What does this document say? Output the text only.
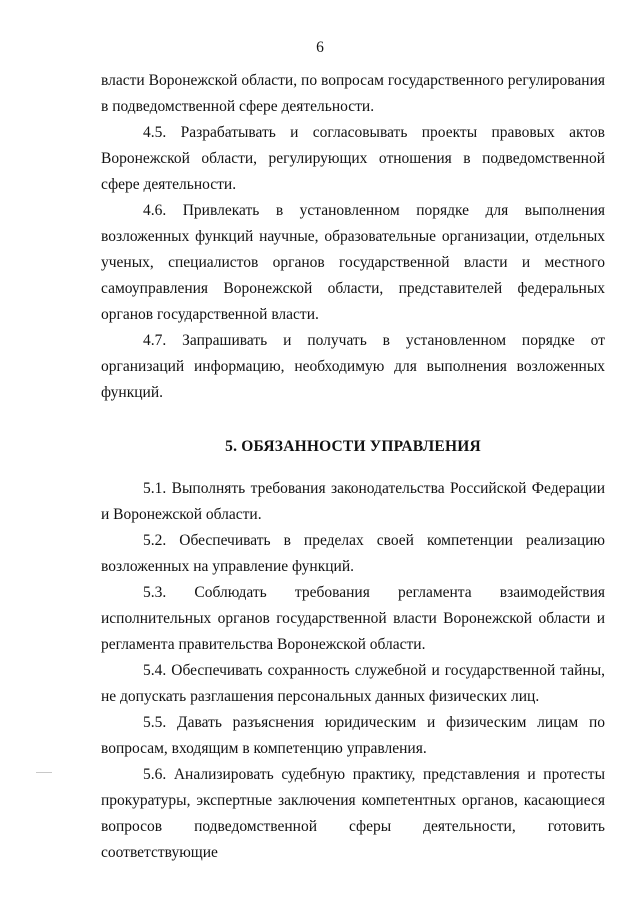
6

власти Воронежской области, по вопросам государственного регулирования в подведомственной сфере деятельности.

4.5. Разрабатывать и согласовывать проекты правовых актов Воронежской области, регулирующих отношения в подведомственной сфере деятельности.

4.6. Привлекать в установленном порядке для выполнения возложенных функций научные, образовательные организации, отдельных ученых, специалистов органов государственной власти и местного самоуправления Воронежской области, представителей федеральных органов государственной власти.

4.7. Запрашивать и получать в установленном порядке от организаций информацию, необходимую для выполнения возложенных функций.

5. ОБЯЗАННОСТИ УПРАВЛЕНИЯ

5.1. Выполнять требования законодательства Российской Федерации и Воронежской области.

5.2. Обеспечивать в пределах своей компетенции реализацию возложенных на управление функций.

5.3. Соблюдать требования регламента взаимодействия исполнительных органов государственной власти Воронежской области и регламента правительства Воронежской области.

5.4. Обеспечивать сохранность служебной и государственной тайны, не допускать разглашения персональных данных физических лиц.

5.5. Давать разъяснения юридическим и физическим лицам по вопросам, входящим в компетенцию управления.

5.6. Анализировать судебную практику, представления и протесты прокуратуры, экспертные заключения компетентных органов, касающиеся вопросов подведомственной сферы деятельности, готовить соответствующие
